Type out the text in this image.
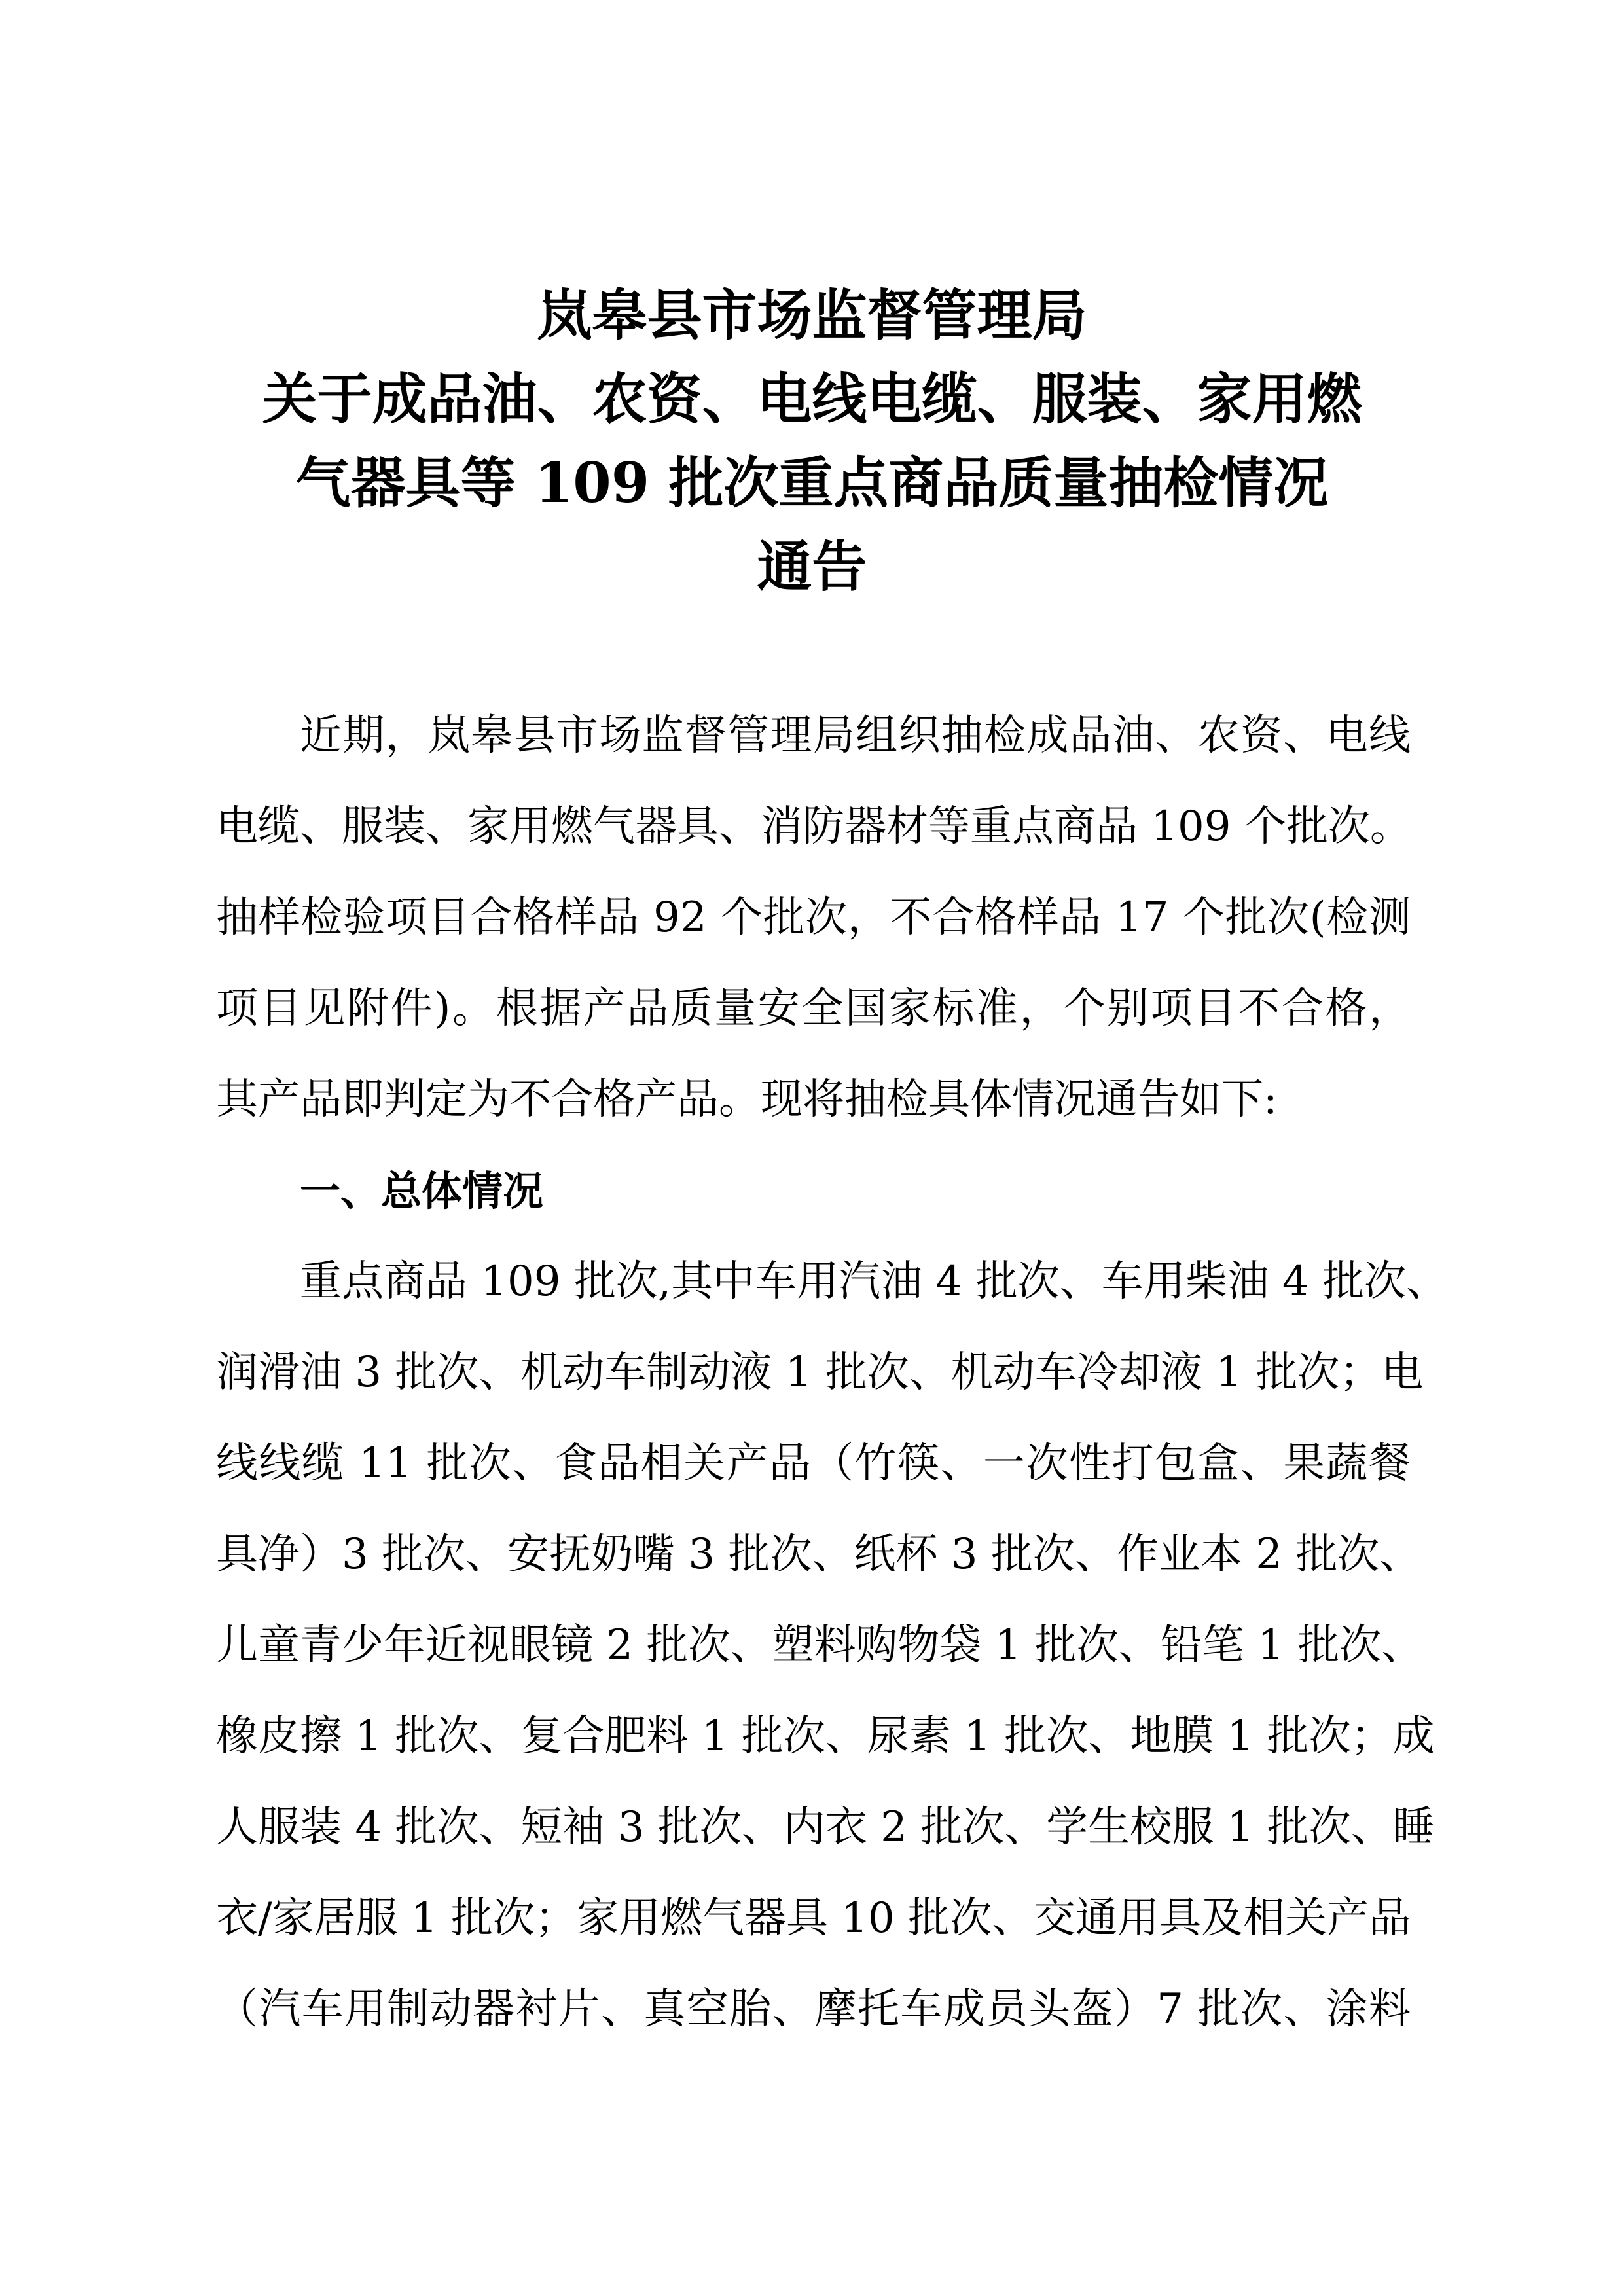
岚皋县市场监督管理局
关于成品油、农资、电线电缆、服装、家用燃
气器具等 109 批次重点商品质量抽检情况
通告
近期，岚皋县市场监督管理局组织抽检成品油、农资、电线
电缆、服装、家用燃气器具、消防器材等重点商品 109 个批次。
抽样检验项目合格样品 92 个批次，不合格样品 17 个批次(检测
项目见附件)。根据产品质量安全国家标准，个别项目不合格，
其产品即判定为不合格产品。现将抽检具体情况通告如下:
一、总体情况
重点商品 109 批次,其中车用汽油 4 批次、车用柴油 4 批次、
润滑油 3 批次、机动车制动液 1 批次、机动车冷却液 1 批次；电
线线缆 11 批次、食品相关产品（竹筷、一次性打包盒、果蔬餐
具净）3 批次、安抚奶嘴 3 批次、纸杯 3 批次、作业本 2 批次、
儿童青少年近视眼镜 2 批次、塑料购物袋 1 批次、铅笔 1 批次、
橡皮擦 1 批次、复合肥料 1 批次、尿素 1 批次、地膜 1 批次；成
人服装 4 批次、短袖 3 批次、内衣 2 批次、学生校服 1 批次、睡
衣/家居服 1 批次；家用燃气器具 10 批次、交通用具及相关产品
（汽车用制动器衬片、真空胎、摩托车成员头盔）7 批次、涂料
